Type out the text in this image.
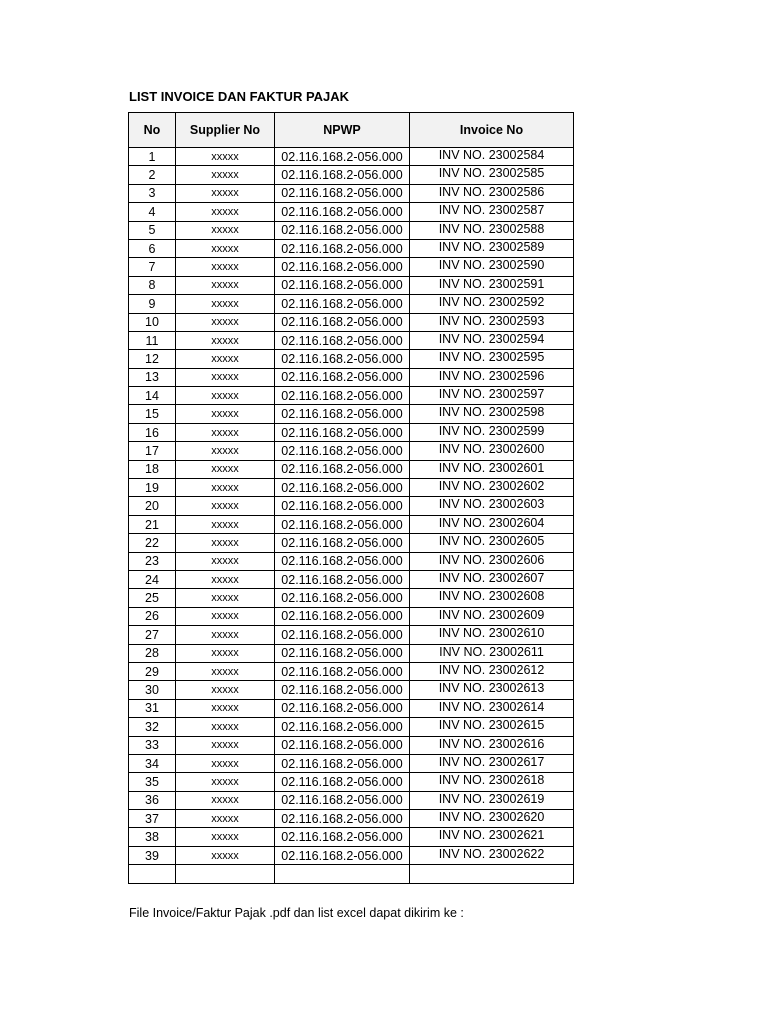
LIST INVOICE DAN FAKTUR PAJAK
No	Supplier No	NPWP	Invoice No
1	xxxxx	02.116.168.2-056.000	INV NO. 23002584
2	xxxxx	02.116.168.2-056.000	INV NO. 23002585
3	xxxxx	02.116.168.2-056.000	INV NO. 23002586
4	xxxxx	02.116.168.2-056.000	INV NO. 23002587
5	xxxxx	02.116.168.2-056.000	INV NO. 23002588
6	xxxxx	02.116.168.2-056.000	INV NO. 23002589
7	xxxxx	02.116.168.2-056.000	INV NO. 23002590
8	xxxxx	02.116.168.2-056.000	INV NO. 23002591
9	xxxxx	02.116.168.2-056.000	INV NO. 23002592
10	xxxxx	02.116.168.2-056.000	INV NO. 23002593
11	xxxxx	02.116.168.2-056.000	INV NO. 23002594
12	xxxxx	02.116.168.2-056.000	INV NO. 23002595
13	xxxxx	02.116.168.2-056.000	INV NO. 23002596
14	xxxxx	02.116.168.2-056.000	INV NO. 23002597
15	xxxxx	02.116.168.2-056.000	INV NO. 23002598
16	xxxxx	02.116.168.2-056.000	INV NO. 23002599
17	xxxxx	02.116.168.2-056.000	INV NO. 23002600
18	xxxxx	02.116.168.2-056.000	INV NO. 23002601
19	xxxxx	02.116.168.2-056.000	INV NO. 23002602
20	xxxxx	02.116.168.2-056.000	INV NO. 23002603
21	xxxxx	02.116.168.2-056.000	INV NO. 23002604
22	xxxxx	02.116.168.2-056.000	INV NO. 23002605
23	xxxxx	02.116.168.2-056.000	INV NO. 23002606
24	xxxxx	02.116.168.2-056.000	INV NO. 23002607
25	xxxxx	02.116.168.2-056.000	INV NO. 23002608
26	xxxxx	02.116.168.2-056.000	INV NO. 23002609
27	xxxxx	02.116.168.2-056.000	INV NO. 23002610
28	xxxxx	02.116.168.2-056.000	INV NO. 23002611
29	xxxxx	02.116.168.2-056.000	INV NO. 23002612
30	xxxxx	02.116.168.2-056.000	INV NO. 23002613
31	xxxxx	02.116.168.2-056.000	INV NO. 23002614
32	xxxxx	02.116.168.2-056.000	INV NO. 23002615
33	xxxxx	02.116.168.2-056.000	INV NO. 23002616
34	xxxxx	02.116.168.2-056.000	INV NO. 23002617
35	xxxxx	02.116.168.2-056.000	INV NO. 23002618
36	xxxxx	02.116.168.2-056.000	INV NO. 23002619
37	xxxxx	02.116.168.2-056.000	INV NO. 23002620
38	xxxxx	02.116.168.2-056.000	INV NO. 23002621
39	xxxxx	02.116.168.2-056.000	INV NO. 23002622

File Invoice/Faktur Pajak .pdf dan list excel dapat dikirim ke :
